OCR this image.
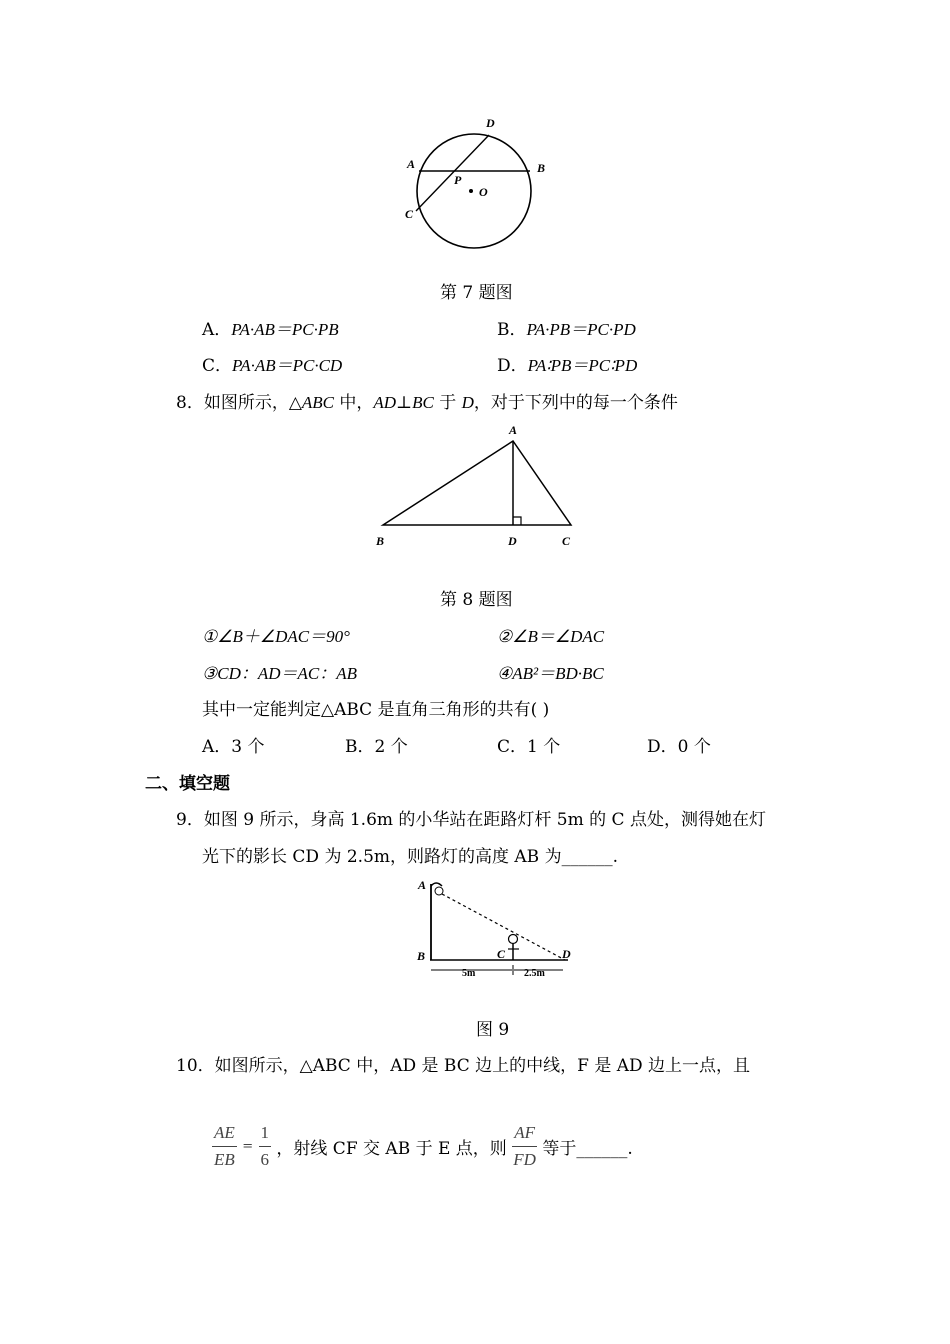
A	B
C
D
P
O
第 7 题图
A．PA·AB＝PC·PB	B．PA·PB＝PC·PD
C．PA·AB＝PC·CD	D．PA∶PB＝PC∶PD
8．如图所示，△ABC 中，AD⊥BC 于 D，对于下列中的每一个条件
A
B	D	C
第 8 题图
①∠B＋∠DAC＝90°	②∠B＝∠DAC
③CD：AD＝AC：AB	④AB²＝BD·BC
其中一定能判定△ABC 是直角三角形的共有( )
A．3 个	B．2 个	C．1 个	D．0 个
二、填空题
9．如图 9 所示，身高 1.6m 的小华站在距路灯杆 5m 的 C 点处，测得她在灯
光下的影长 CD 为 2.5m，则路灯的高度 AB 为______.
A
B	C	D
5m	2.5m
图 9
10．如图所示，△ABC 中，AD 是 BC 边上的中线，F 是 AD 边上一点，且
$\frac{AE}{EB} = \frac{1}{6}$ ，射线 CF 交 AB 于 E 点，则 $\frac{AF}{FD}$ 等于______.
